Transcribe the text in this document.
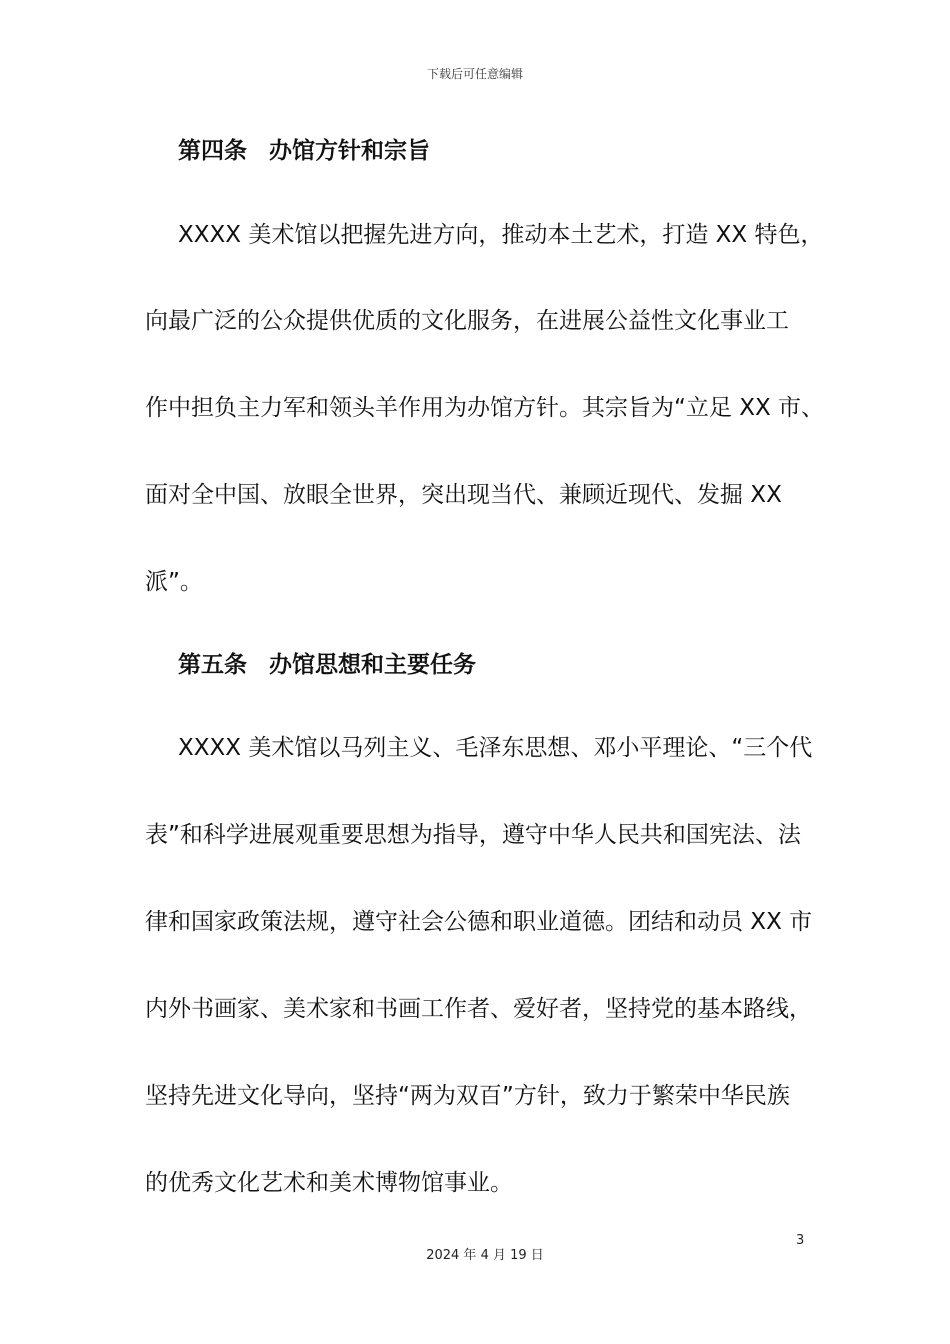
下载后可任意编辑
第四条 办馆方针和宗旨
XXXX 美术馆以把握先进方向，推动本土艺术，打造 XX 特色，
向最广泛的公众提供优质的文化服务，在进展公益性文化事业工
作中担负主力军和领头羊作用为办馆方针。其宗旨为“立足 XX 市、
面对全中国、放眼全世界，突出现当代、兼顾近现代、发掘 XX
派”。
第五条 办馆思想和主要任务
XXXX 美术馆以马列主义、毛泽东思想、邓小平理论、“三个代
表”和科学进展观重要思想为指导，遵守中华人民共和国宪法、法
律和国家政策法规，遵守社会公德和职业道德。团结和动员 XX 市
内外书画家、美术家和书画工作者、爱好者，坚持党的基本路线，
坚持先进文化导向，坚持“两为双百”方针，致力于繁荣中华民族
的优秀文化艺术和美术博物馆事业。
3
2024 年 4 月 19 日
